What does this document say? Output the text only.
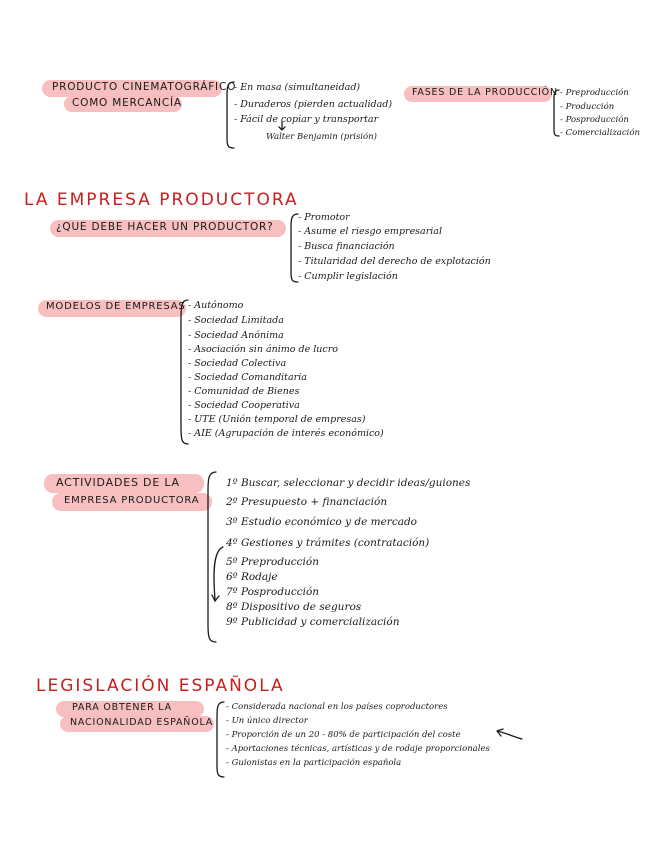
PRODUCTO CINEMATOGRÁFICO
COMO MERCANCÍA
- En masa (simultaneidad)
- Duraderos (pierden actualidad)
- Fácil de copiar y transportar
Walter Benjamin (prisión)
FASES DE LA PRODUCCIÓN - Preproducción
- Producción
- Posproducción
- Comercialización
LA EMPRESA PRODUCTORA
¿QUE DEBE HACER UN PRODUCTOR?
- Promotor
- Asume el riesgo empresarial
- Busca financiación
- Titularidad del derecho de explotación
- Cumplir legislación
MODELOS DE EMPRESAS - Autónomo
- Sociedad Limitada
- Sociedad Anónima
- Asociación sin ánimo de lucro
- Sociedad Colectiva
- Sociedad Comanditaria
- Comunidad de Bienes
- Sociedad Cooperativa
- UTE (Unión temporal de empresas)
- AIE (Agrupación de interés económico)
ACTIVIDADES DE LA
EMPRESA PRODUCTORA
1º Buscar, seleccionar y decidir ideas/guiones
2º Presupuesto + financiación
3º Estudio económico y de mercado
4º Gestiones y trámites (contratación)
5º Preproducción
6º Rodaje
7º Posproducción
8º Dispositivo de seguros
9º Publicidad y comercialización
LEGISLACIÓN ESPAÑOLA
PARA OBTENER LA
NACIONALIDAD ESPAÑOLA
- Considerada nacional en los países coproductores
- Un único director
- Proporción de un 20 - 80% de participación del coste
- Aportaciones técnicas, artísticas y de rodaje proporcionales
- Guionistas en la participación española
